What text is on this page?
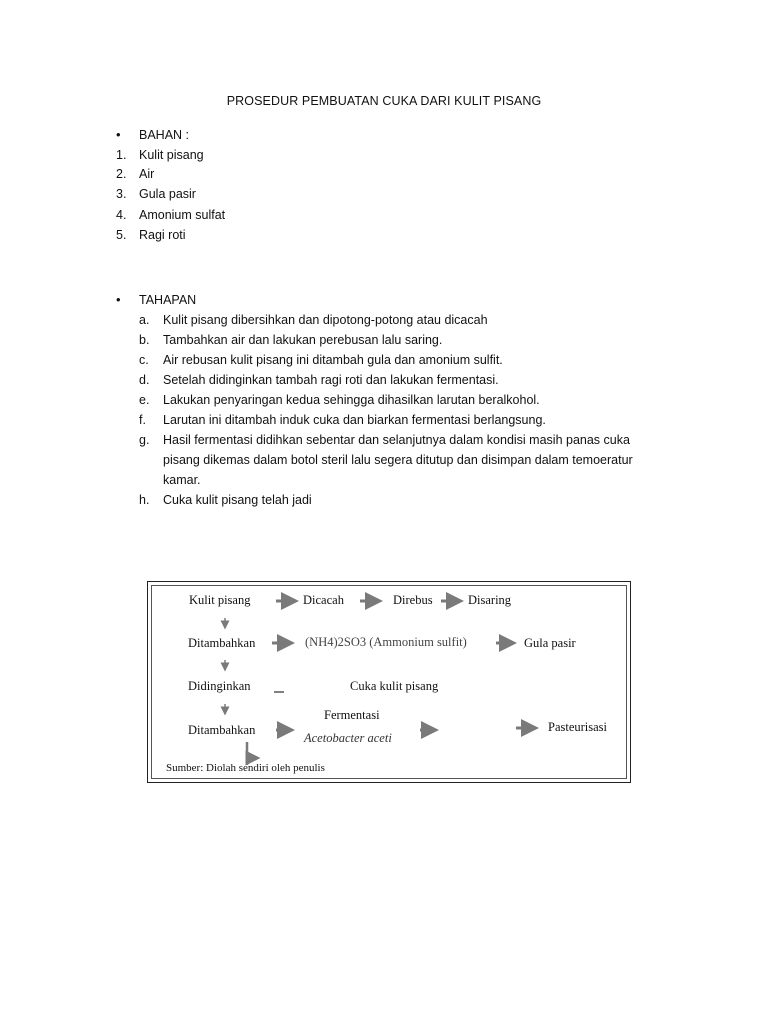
PROSEDUR PEMBUATAN CUKA DARI KULIT PISANG
• BAHAN :
1. Kulit pisang
2. Air
3. Gula pasir
4. Amonium sulfat
5. Ragi roti
• TAHAPAN
a. Kulit pisang dibersihkan dan dipotong-potong atau dicacah
b. Tambahkan air dan lakukan perebusan lalu saring.
c. Air rebusan kulit pisang ini ditambah gula dan amonium sulfit.
d. Setelah didinginkan tambah ragi roti dan lakukan fermentasi.
e. Lakukan penyaringan kedua sehingga dihasilkan larutan beralkohol.
f. Larutan ini ditambah induk cuka dan biarkan fermentasi berlangsung.
g. Hasil fermentasi didihkan sebentar dan selanjutnya dalam kondisi masih panas cuka
pisang dikemas dalam botol steril lalu segera ditutup dan disimpan dalam temoeratur
kamar.
h. Cuka kulit pisang telah jadi
Kulit pisang	Dicacah	Direbus	Disaring
Ditambahkan	(NH4)2SO3 (Ammonium sulfit)	Gula pasir
Didinginkan	Cuka kulit pisang
Ditambahkan
Fermentasi
Acetobacter aceti
Pasteurisasi
Sumber: Diolah sendiri oleh penulis
